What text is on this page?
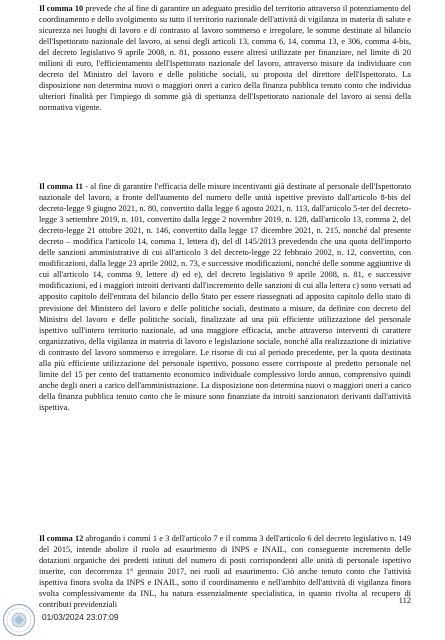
Il comma 10 prevede che al fine di garantire un adeguato presidio del territorio attraverso il potenziamento del coordinamento e dello svolgimento su tutto il territorio nazionale dell'attività di vigilanza in materia di salute e sicurezza nei luoghi di lavoro e di contrasto al lavoro sommerso e irregolare, le somme destinate al bilancio dell'Ispettorato nazionale del lavoro, ai sensi degli articoli 13, comma 6, 14, comma 13, e 306, comma 4-bis, del decreto legislativo 9 aprile 2008, n. 81, possono essere altresì utilizzate per finanziare, nel limite di 20 milioni di euro, l'efficientamento dell'Ispettorato nazionale del lavoro, attraverso misure da individuare con decreto del Ministro del lavoro e delle politiche sociali, su proposta del direttore dell'Ispettorato. La disposizione non determina nuovi o maggiori oneri a carico della finanza pubblica tenuto conto che individua ulteriori finalità per l'impiego di somme già di spettanza dell'Ispettorato nazionale del lavoro ai sensi della normativa vigente.

Il comma 11 - al fine di garantire l'efficacia delle misure incentivanti già destinate al personale dell'Ispettorato nazionale del lavoro, a fronte dell'aumento del numero delle unità ispettive previsto dall'articolo 8-bis del decreto-legge 9 giugno 2021, n. 80, convertito dalla legge 6 agosto 2021, n. 113, dall'articolo 5-ter del decreto-legge 3 settembre 2019, n. 101, convertito dalla legge 2 novembre 2019, n. 128, dall'articolo 13, comma 2, del decreto-legge 21 ottobre 2021, n. 146, convertito dalla legge 17 dicembre 2021, n. 215, nonché dal presente decreto – modifica l'articolo 14, comma 1, lettera d), del dl 145/2013 prevedendo che una quota dell'importo delle sanzioni amministrative di cui all'articolo 3 del decreto-legge 22 febbraio 2002, n. 12, convertito, con modificazioni, dalla legge 23 aprile 2002, n. 73, e successive modificazioni, nonché delle somme aggiuntive di cui all'articolo 14, comma 9, lettere d) ed e), del decreto legislativo 9 aprile 2008, n. 81, e successive modificazioni, ed i maggiori introiti derivanti dall'incremento delle sanzioni di cui alla lettera c) sono versati ad apposito capitolo dell'entrata del bilancio dello Stato per essere riassegnati ad apposito capitolo dello stato di previsione del Ministero del lavoro e delle politiche sociali, destinato a misure, da definire con decreto del Ministro del lavoro e delle politiche sociali, finalizzate ad una più efficiente utilizzazione del personale ispettivo sull'intero territorio nazionale, ad una maggiore efficacia, anche attraverso interventi di carattere organizzativo, della vigilanza in materia di lavoro e legislazione sociale, nonché alla realizzazione di iniziative di contrasto del lavoro sommerso e irregolare. Le risorse di cui al periodo precedente, per la quota destinata alla più efficiente utilizzazione del personale ispettivo, possono essere corrisposte al predetto personale nel limite del 15 per cento del trattamento economico individuale complessivo lordo annuo, comprensivo quindi anche degli oneri a carico dell'amministrazione. La disposizione non determina nuovi o maggiori oneri a carico della finanza pubblica tenuto conto che le misure sono finanziate da introiti sanzionatori derivanti dall'attività ispettiva.

Il comma 12 abrogando i commi 1 e 3 dell'articolo 7 e il comma 3 dell'articolo 6 del decreto legislativo n. 149 del 2015, intende abolire il ruolo ad esaurimento di INPS e INAIL, con conseguente incremento delle dotazioni organiche dei predetti istituti del numero di posti corrispondenti alle unità di personale ispettivo inserite, con decorrenza 1° gennaio 2017, nei ruoli ad esaurimento. Ciò anche tenuto conto che l'attività ispettiva finora svolta da INPS e INAIL, sotto il coordinamento e nell'ambito dell'attività di vigilanza finora svolta complessivamente da INL, ha natura essenzialmente specialistica, in quanto rivolta al recupero di contributi previdenziali	112
01/03/2024 23:07:09
